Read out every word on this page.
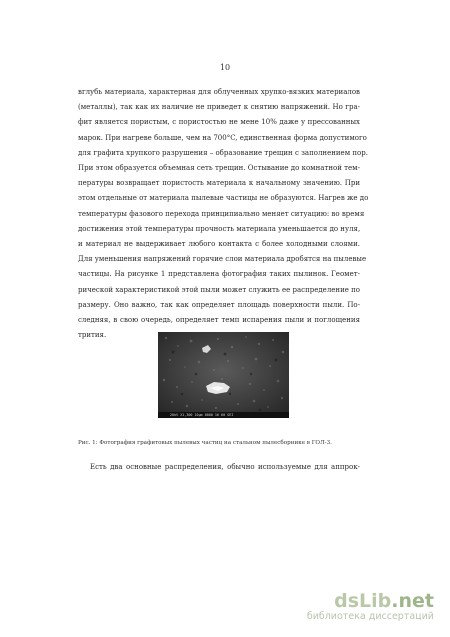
10
вглубь материала, характерная для облученных хрупко-вязких материалов
(металлы), так как их наличие не приведет к снятию напряжений. Но гра-
фит является пористым, с пористостью не мене 10% даже у прессованных
марок. При нагреве больше, чем на 700°C, единственная форма допустимого
для графита хрупкого разрушения – образование трещин с заполнением пор.
При этом образуется объемная сеть трещин. Остывание до комнатной тем-
пературы возвращает пористость материала к начальному значению. При
этом отдельные от материала пылевые частицы не образуются. Нагрев же до
температуры фазового перехода принципиально меняет ситуацию: во время
достижения этой температуры прочность материала уменьшается до нуля,
и материал не выдерживает любого контакта с более холодными слоями.
Для уменьшения напряжений горячие слои материала дробятся на пылевые
частицы. На рисунке 1 представлена фотография таких пылинок. Геомет-
рической характеристикой этой пыли может служить ее распределение по
размеру. Оно важно, так как определяет площадь поверхности пыли. По-
следняя, в свою очередь, определяет темп испарения пыли и поглощения
трития.
20kV X1,300 10μm 0000 16 60 SEI
Рис. 1: Фотография графитовых пылевых частиц на стальном пылесборнике в ГОЛ-3.
Есть два основные распределения, обычно используемые для аппрок-
dsLib.net
библиотека диссертаций
